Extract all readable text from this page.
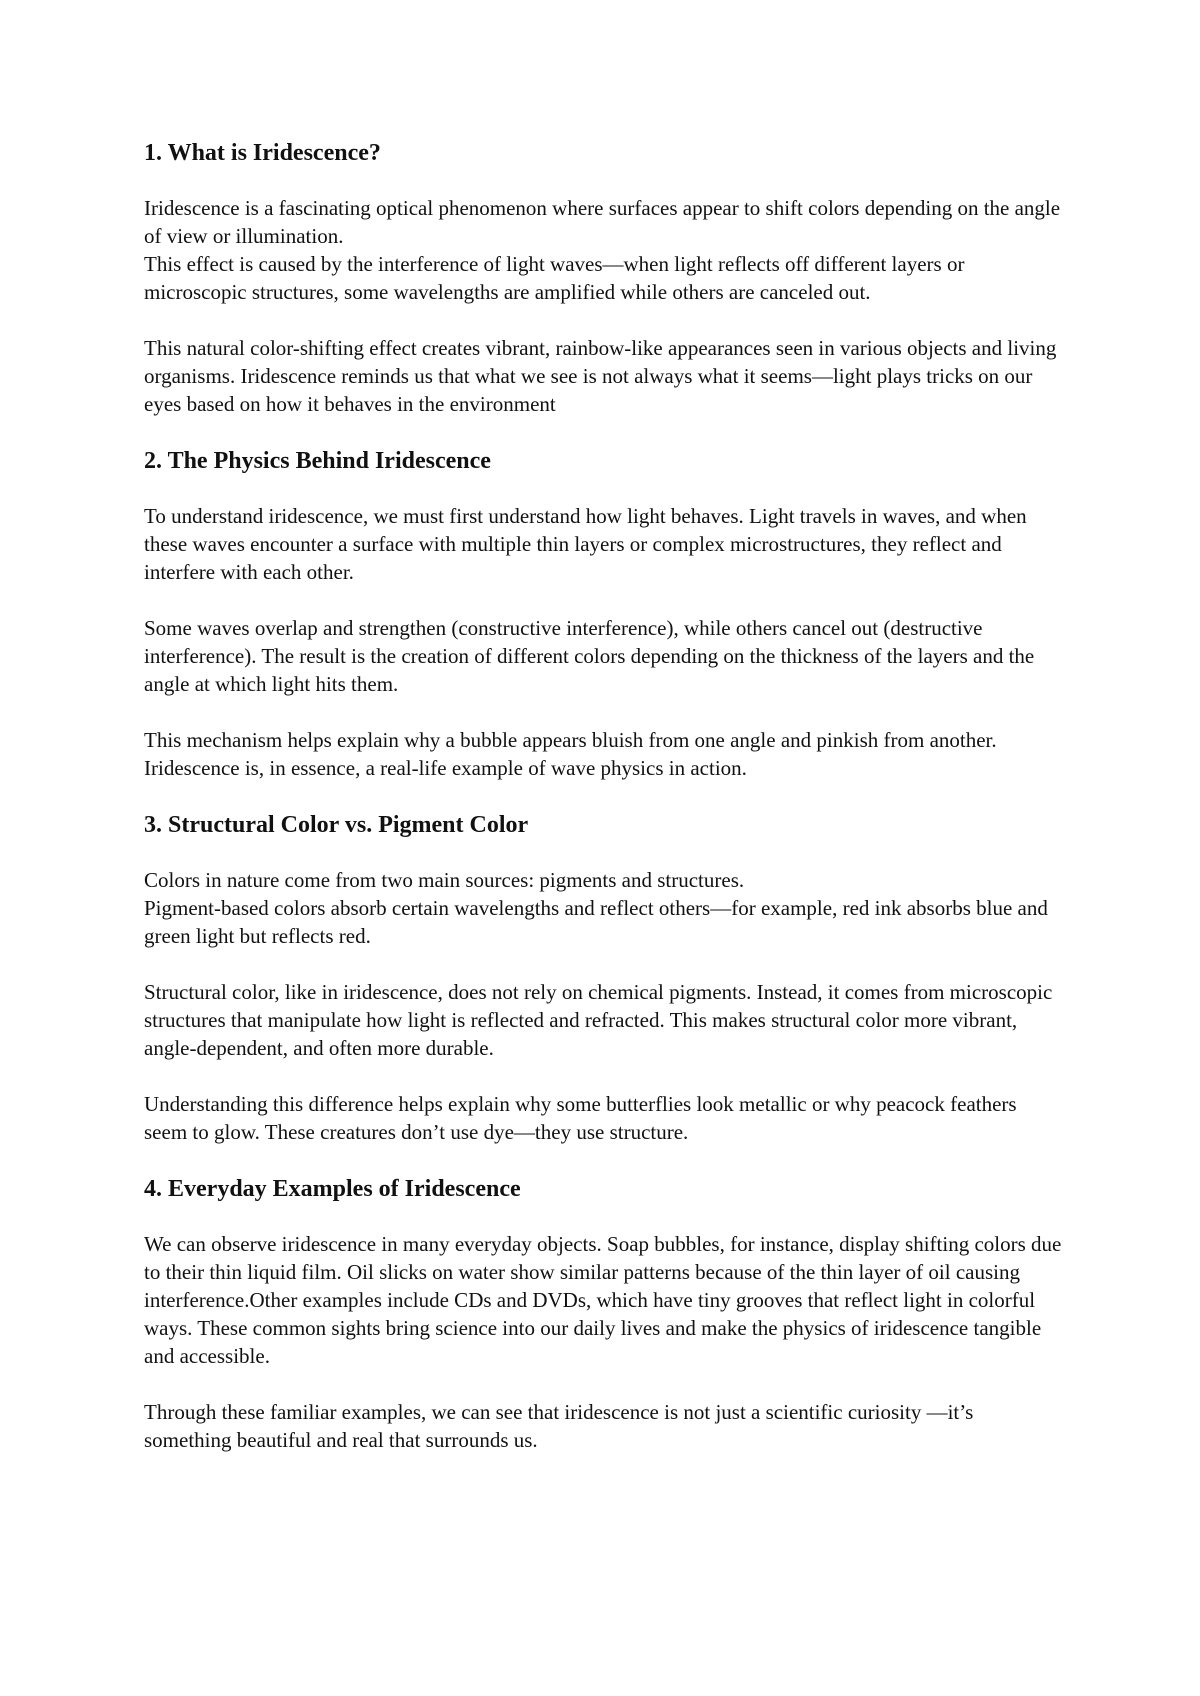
1. What is Iridescence?

Iridescence is a fascinating optical phenomenon where surfaces appear to shift colors depending on the angle of view or illumination.
This effect is caused by the interference of light waves—when light reflects off different layers or microscopic structures, some wavelengths are amplified while others are canceled out.

This natural color-shifting effect creates vibrant, rainbow-like appearances seen in various objects and living organisms. Iridescence reminds us that what we see is not always what it seems—light plays tricks on our eyes based on how it behaves in the environment

2. The Physics Behind Iridescence

To understand iridescence, we must first understand how light behaves. Light travels in waves, and when these waves encounter a surface with multiple thin layers or complex microstructures, they reflect and interfere with each other.

Some waves overlap and strengthen (constructive interference), while others cancel out (destructive interference). The result is the creation of different colors depending on the thickness of the layers and the angle at which light hits them.

This mechanism helps explain why a bubble appears bluish from one angle and pinkish from another. Iridescence is, in essence, a real-life example of wave physics in action.

3. Structural Color vs. Pigment Color

Colors in nature come from two main sources: pigments and structures.
Pigment-based colors absorb certain wavelengths and reflect others—for example, red ink absorbs blue and green light but reflects red.

Structural color, like in iridescence, does not rely on chemical pigments. Instead, it comes from microscopic structures that manipulate how light is reflected and refracted. This makes structural color more vibrant, angle-dependent, and often more durable.

Understanding this difference helps explain why some butterflies look metallic or why peacock feathers seem to glow. These creatures don’t use dye—they use structure.

4. Everyday Examples of Iridescence

We can observe iridescence in many everyday objects. Soap bubbles, for instance, display shifting colors due to their thin liquid film. Oil slicks on water show similar patterns because of the thin layer of oil causing interference.Other examples include CDs and DVDs, which have tiny grooves that reflect light in colorful ways. These common sights bring science into our daily lives and make the physics of iridescence tangible and accessible.

Through these familiar examples, we can see that iridescence is not just a scientific curiosity —it’s something beautiful and real that surrounds us.
